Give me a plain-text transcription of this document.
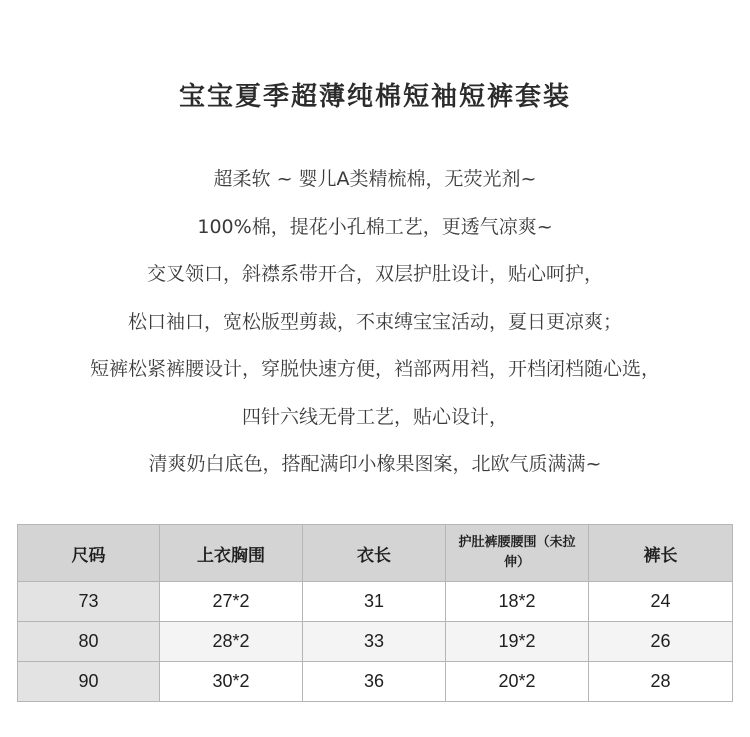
宝宝夏季超薄纯棉短袖短裤套装
超柔软 ~ 婴儿A类精梳棉，无荧光剂~
100%棉，提花小孔棉工艺，更透气凉爽~
交叉领口，斜襟系带开合，双层护肚设计，贴心呵护，
松口袖口，宽松版型剪裁，不束缚宝宝活动，夏日更凉爽；
短裤松紧裤腰设计，穿脱快速方便，裆部两用裆，开档闭档随心选，
四针六线无骨工艺，贴心设计，
清爽奶白底色，搭配满印小橡果图案，北欧气质满满~
尺码	上衣胸围	衣长	护肚裤腰腰围（未拉伸）	裤长
73	27*2	31	18*2	24
80	28*2	33	19*2	26
90	30*2	36	20*2	28
